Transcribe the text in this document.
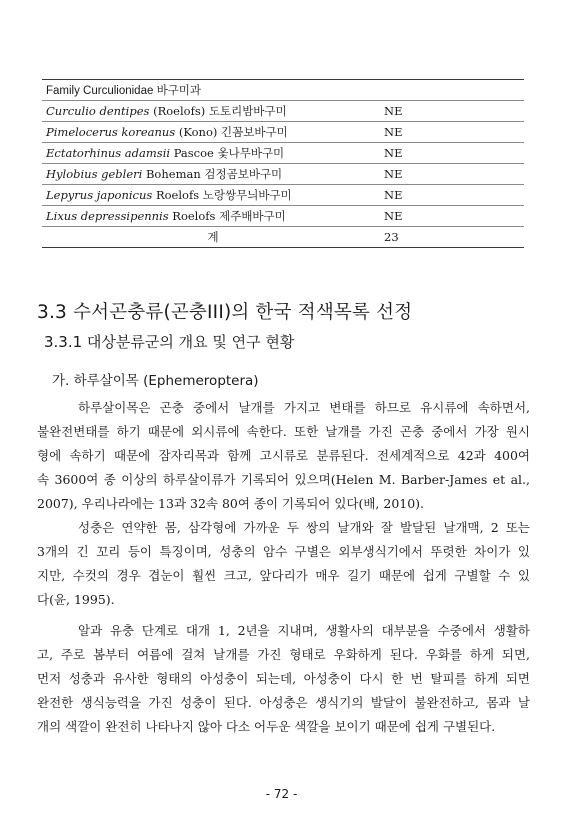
Family Curculionidae 바구미과	
Curculio dentipes (Roelofs) 도토리밤바구미	NE
Pimelocerus koreanus (Kono) 긴꼼보바구미	NE
Ectatorhinus adamsii Pascoe 옻나무바구미	NE
Hylobius gebleri Boheman 검정곰보바구미	NE
Lepyrus japonicus Roelofs 노랑쌍무늬바구미	NE
Lixus depressipennis Roelofs 제주배바구미	NE
계	23
3.3 수서곤충류(곤충III)의 한국 적색목록 선정
3.3.1 대상분류군의 개요 및 연구 현황
가. 하루살이목 (Ephemeroptera)

하루살이목은 곤충 중에서 날개를 가지고 변태를 하므로 유시류에 속하면서,
불완전변태를 하기 때문에 외시류에 속한다. 또한 날개를 가진 곤충 중에서 가장 원시
형에 속하기 때문에 잠자리목과 함께 고시류로 분류된다. 전세계적으로 42과 400여
속 3600여 종 이상의 하루살이류가 기록되어 있으며(Helen M. Barber-James et al.,
2007), 우리나라에는 13과 32속 80여 종이 기록되어 있다(배, 2010).

성충은 연약한 몸, 삼각형에 가까운 두 쌍의 날개와 잘 발달된 날개맥, 2 또는
3개의 긴 꼬리 등이 특징이며, 성충의 암수 구별은 외부생식기에서 뚜렷한 차이가 있
지만, 수컷의 경우 겹눈이 훨씬 크고, 앞다리가 매우 길기 때문에 쉽게 구별할 수 있
다(윤, 1995).

알과 유충 단계로 대개 1, 2년을 지내며, 생활사의 대부분을 수중에서 생활하
고, 주로 봄부터 여름에 걸쳐 날개를 가진 형태로 우화하게 된다. 우화를 하게 되면,
먼저 성충과 유사한 형태의 아성충이 되는데, 아성충이 다시 한 번 탈피를 하게 되면
완전한 생식능력을 가진 성충이 된다. 아성충은 생식기의 발달이 불완전하고, 몸과 날
개의 색깔이 완전히 나타나지 않아 다소 어두운 색깔을 보이기 때문에 쉽게 구별된다.

- 72 -
